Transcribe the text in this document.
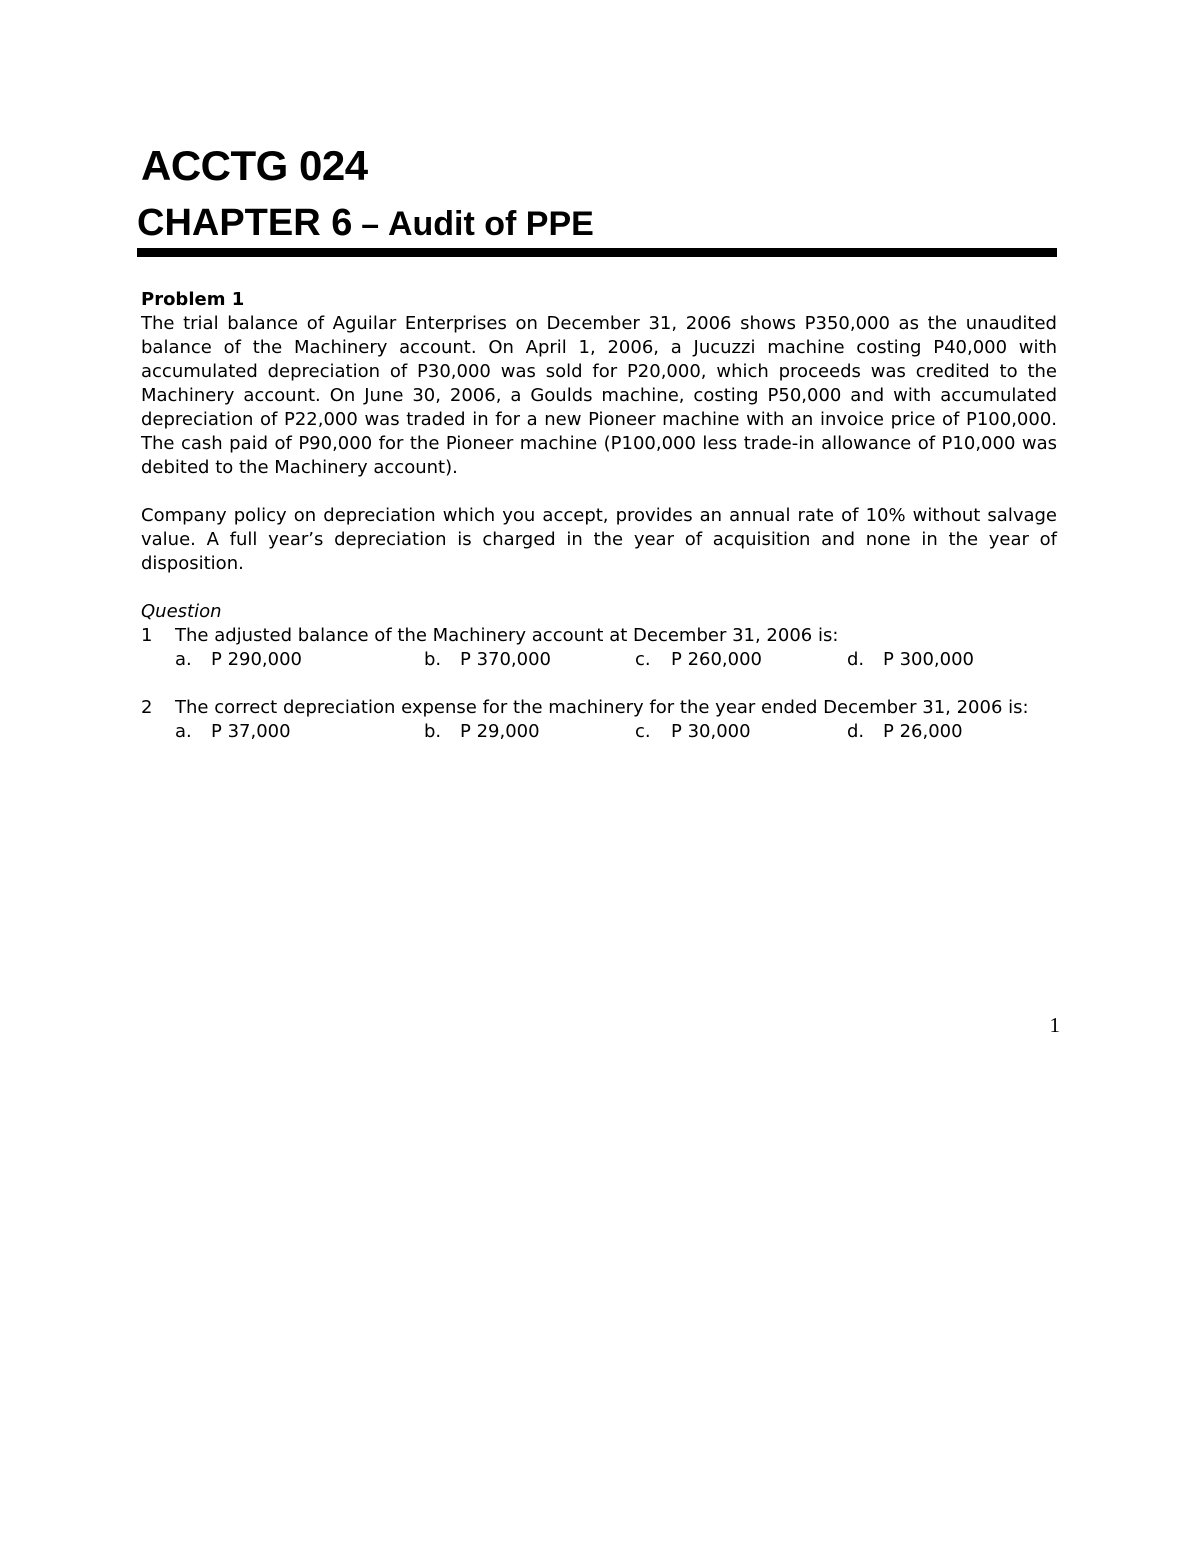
ACCTG 024
CHAPTER 6 – Audit of PPE
Problem 1

The trial balance of Aguilar Enterprises on December 31, 2006 shows P350,000 as the unaudited balance of the Machinery account. On April 1, 2006, a Jucuzzi machine costing P40,000 with accumulated depreciation of P30,000 was sold for P20,000, which proceeds was credited to the Machinery account. On June 30, 2006, a Goulds machine, costing P50,000 and with accumulated depreciation of P22,000 was traded in for a new Pioneer machine with an invoice price of P100,000. The cash paid of P90,000 for the Pioneer machine (P100,000 less trade-in allowance of P10,000 was debited to the Machinery account).

Company policy on depreciation which you accept, provides an annual rate of 10% without salvage value. A full year’s depreciation is charged in the year of acquisition and none in the year of disposition.

Question
1 The adjusted balance of the Machinery account at December 31, 2006 is:

a. P 290,000	b. P 370,000	c. P 260,000	d. P 300,000
2 The correct depreciation expense for the machinery for the year ended December 31, 2006 is:

a. P 37,000	b. P 29,000	c. P 30,000	d. P 26,000
1
